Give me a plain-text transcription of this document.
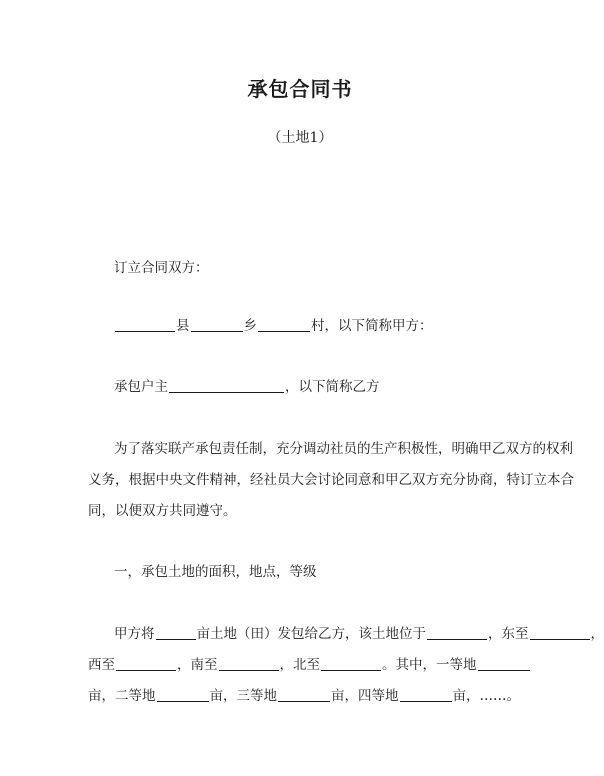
承包合同书
（土地1）
订立合同双方：
县	乡	村，以下简称甲方：
承包户主	，以下简称乙方
为了落实联产承包责任制，充分调动社员的生产积极性，明确甲乙双方的权利
义务，根据中央文件精神，经社员大会讨论同意和甲乙双方充分协商，特订立本合
同，以便双方共同遵守。
一，承包土地的面积，地点，等级
甲方将	亩土地（田）发包给乙方，该土地位于	，东至	，
西至	，南至	，北至	。其中，一等地
亩，二等地	亩，三等地	亩，四等地	亩，……。
